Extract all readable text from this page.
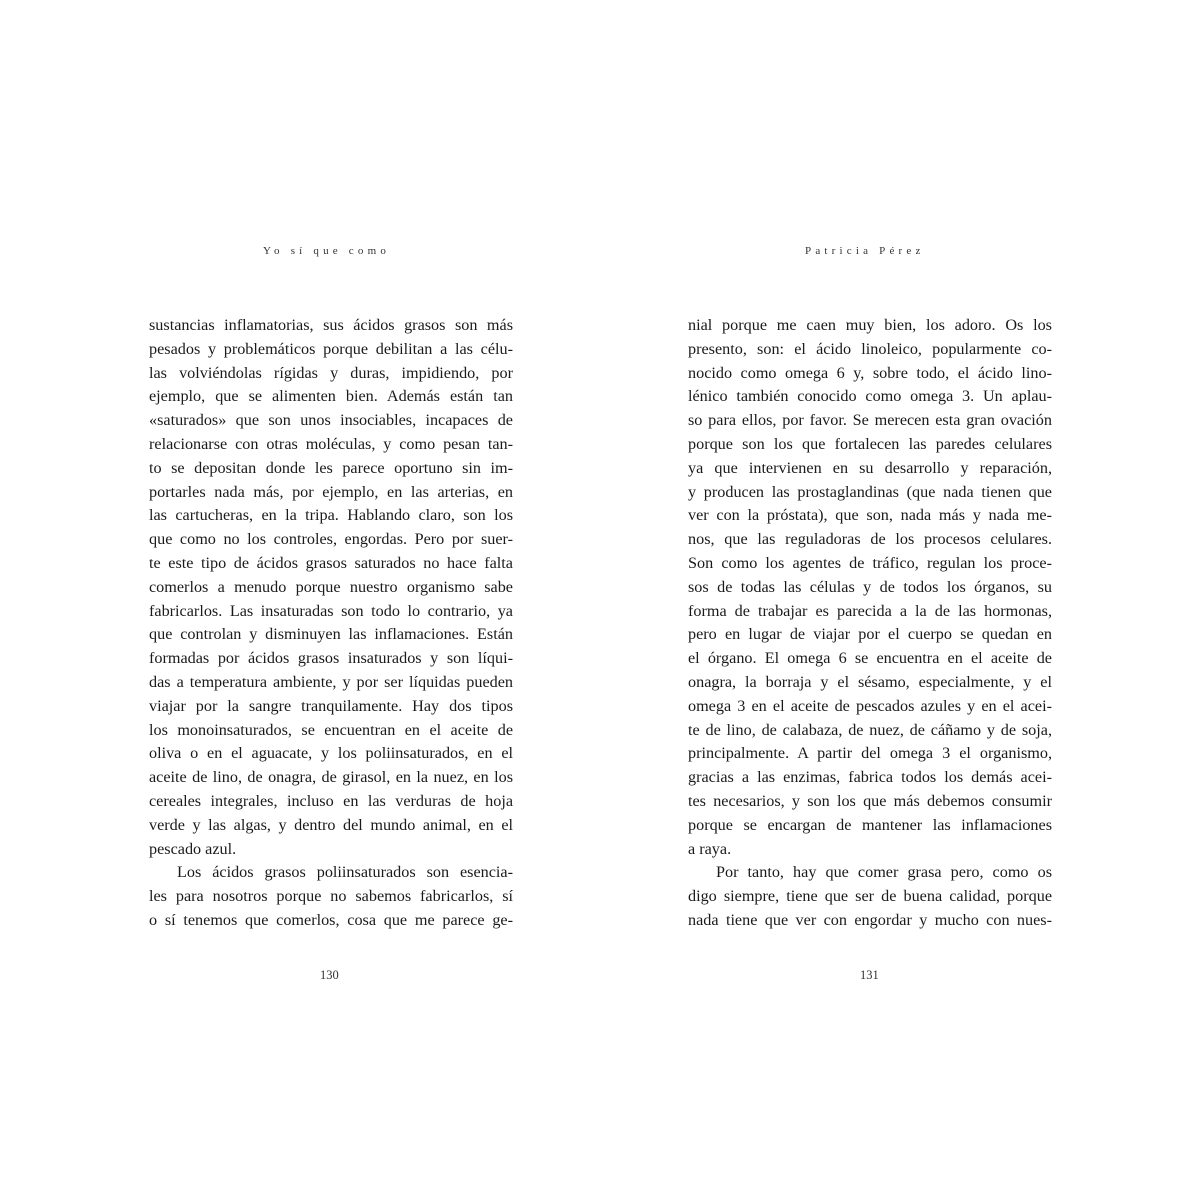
Yo sí que como
sustancias inflamatorias, sus ácidos grasos son más
pesados y problemáticos porque debilitan a las célu-
las volviéndolas rígidas y duras, impidiendo, por
ejemplo, que se alimenten bien. Además están tan
«saturados» que son unos insociables, incapaces de
relacionarse con otras moléculas, y como pesan tan-
to se depositan donde les parece oportuno sin im-
portarles nada más, por ejemplo, en las arterias, en
las cartucheras, en la tripa. Hablando claro, son los
que como no los controles, engordas. Pero por suer-
te este tipo de ácidos grasos saturados no hace falta
comerlos a menudo porque nuestro organismo sabe
fabricarlos. Las insaturadas son todo lo contrario, ya
que controlan y disminuyen las inflamaciones. Están
formadas por ácidos grasos insaturados y son líqui-
das a temperatura ambiente, y por ser líquidas pueden
viajar por la sangre tranquilamente. Hay dos tipos
los monoinsaturados, se encuentran en el aceite de
oliva o en el aguacate, y los poliinsaturados, en el
aceite de lino, de onagra, de girasol, en la nuez, en los
cereales integrales, incluso en las verduras de hoja
verde y las algas, y dentro del mundo animal, en el
pescado azul.
Los ácidos grasos poliinsaturados son esencia-
les para nosotros porque no sabemos fabricarlos, sí
o sí tenemos que comerlos, cosa que me parece ge-
130
Patricia Pérez
nial porque me caen muy bien, los adoro. Os los
presento, son: el ácido linoleico, popularmente co-
nocido como omega 6 y, sobre todo, el ácido lino-
lénico también conocido como omega 3. Un aplau-
so para ellos, por favor. Se merecen esta gran ovación
porque son los que fortalecen las paredes celulares
ya que intervienen en su desarrollo y reparación,
y producen las prostaglandinas (que nada tienen que
ver con la próstata), que son, nada más y nada me-
nos, que las reguladoras de los procesos celulares.
Son como los agentes de tráfico, regulan los proce-
sos de todas las células y de todos los órganos, su
forma de trabajar es parecida a la de las hormonas,
pero en lugar de viajar por el cuerpo se quedan en
el órgano. El omega 6 se encuentra en el aceite de
onagra, la borraja y el sésamo, especialmente, y el
omega 3 en el aceite de pescados azules y en el acei-
te de lino, de calabaza, de nuez, de cáñamo y de soja,
principalmente. A partir del omega 3 el organismo,
gracias a las enzimas, fabrica todos los demás acei-
tes necesarios, y son los que más debemos consumir
porque se encargan de mantener las inflamaciones
a raya.
Por tanto, hay que comer grasa pero, como os
digo siempre, tiene que ser de buena calidad, porque
nada tiene que ver con engordar y mucho con nues-
131
